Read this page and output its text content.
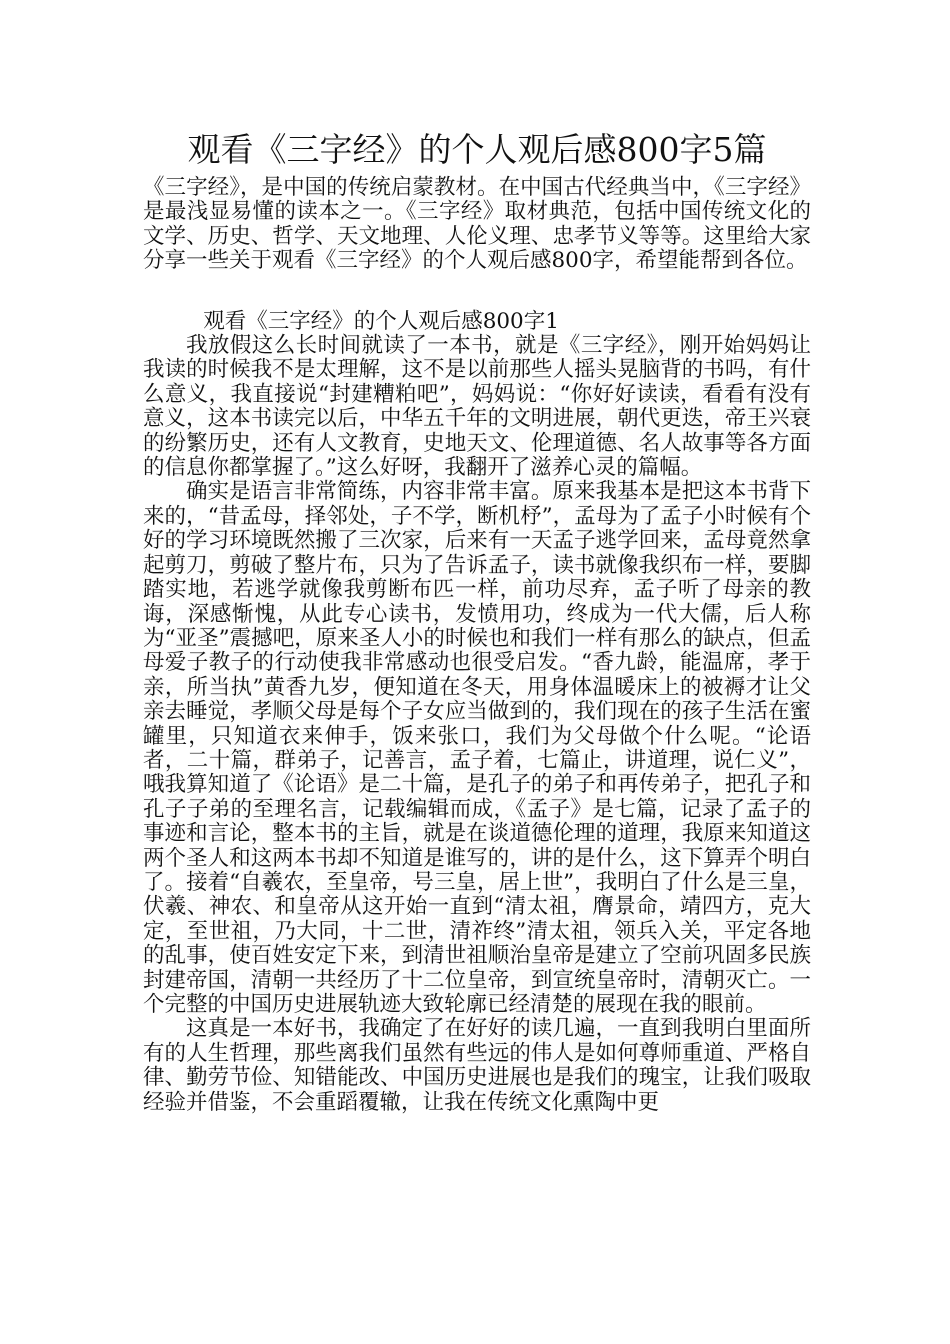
观看《三字经》的个人观后感800字5篇

《三字经》，是中国的传统启蒙教材。在中国古代经典当中，《三字经》是最浅显易懂的读本之一。《三字经》取材典范，包括中国传统文化的文学、历史、哲学、天文地理、人伦义理、忠孝节义等等。这里给大家分享一些关于观看《三字经》的个人观后感800字，希望能帮到各位。

观看《三字经》的个人观后感800字1

我放假这么长时间就读了一本书，就是《三字经》，刚开始妈妈让我读的时候我不是太理解，这不是以前那些人摇头晃脑背的书吗，有什么意义，我直接说“封建糟粕吧”，妈妈说：“你好好读读，看看有没有意义，这本书读完以后，中华五千年的文明进展，朝代更迭，帝王兴衰的纷繁历史，还有人文教育，史地天文、伦理道德、名人故事等各方面的信息你都掌握了。”这么好呀，我翻开了滋养心灵的篇幅。

确实是语言非常简练，内容非常丰富。原来我基本是把这本书背下来的，“昔孟母，择邻处，子不学，断机杼”，孟母为了孟子小时候有个好的学习环境既然搬了三次家，后来有一天孟子逃学回来，孟母竟然拿起剪刀，剪破了整片布，只为了告诉孟子，读书就像我织布一样，要脚踏实地，若逃学就像我剪断布匹一样，前功尽弃，孟子听了母亲的教诲，深感惭愧，从此专心读书，发愤用功，终成为一代大儒，后人称为“亚圣”震撼吧，原来圣人小的时候也和我们一样有那么的缺点，但孟母爱子教子的行动使我非常感动也很受启发。“香九龄，能温席，孝于亲，所当执”黄香九岁，便知道在冬天，用身体温暖床上的被褥才让父亲去睡觉，孝顺父母是每个子女应当做到的，我们现在的孩子生活在蜜罐里，只知道衣来伸手，饭来张口，我们为父母做个什么呢。“论语者，二十篇，群弟子，记善言，孟子着，七篇止，讲道理，说仁义”，哦我算知道了《论语》是二十篇，是孔子的弟子和再传弟子，把孔子和孔子子弟的至理名言，记载编辑而成，《孟子》是七篇，记录了孟子的事迹和言论，整本书的主旨，就是在谈道德伦理的道理，我原来知道这两个圣人和这两本书却不知道是谁写的，讲的是什么，这下算弄个明白了。接着“自羲农，至皇帝，号三皇，居上世”，我明白了什么是三皇，伏羲、神农、和皇帝从这开始一直到“清太祖，膺景命，靖四方，克大定，至世祖，乃大同，十二世，清祚终”清太祖，领兵入关，平定各地的乱事，使百姓安定下来，到清世祖顺治皇帝是建立了空前巩固多民族封建帝国，清朝一共经历了十二位皇帝，到宣统皇帝时，清朝灭亡。一个完整的中国历史进展轨迹大致轮廓已经清楚的展现在我的眼前。

这真是一本好书，我确定了在好好的读几遍，一直到我明白里面所有的人生哲理，那些离我们虽然有些远的伟人是如何尊师重道、严格自律、勤劳节俭、知错能改、中国历史进展也是我们的瑰宝，让我们吸取经验并借鉴，不会重蹈覆辙，让我在传统文化熏陶中更
